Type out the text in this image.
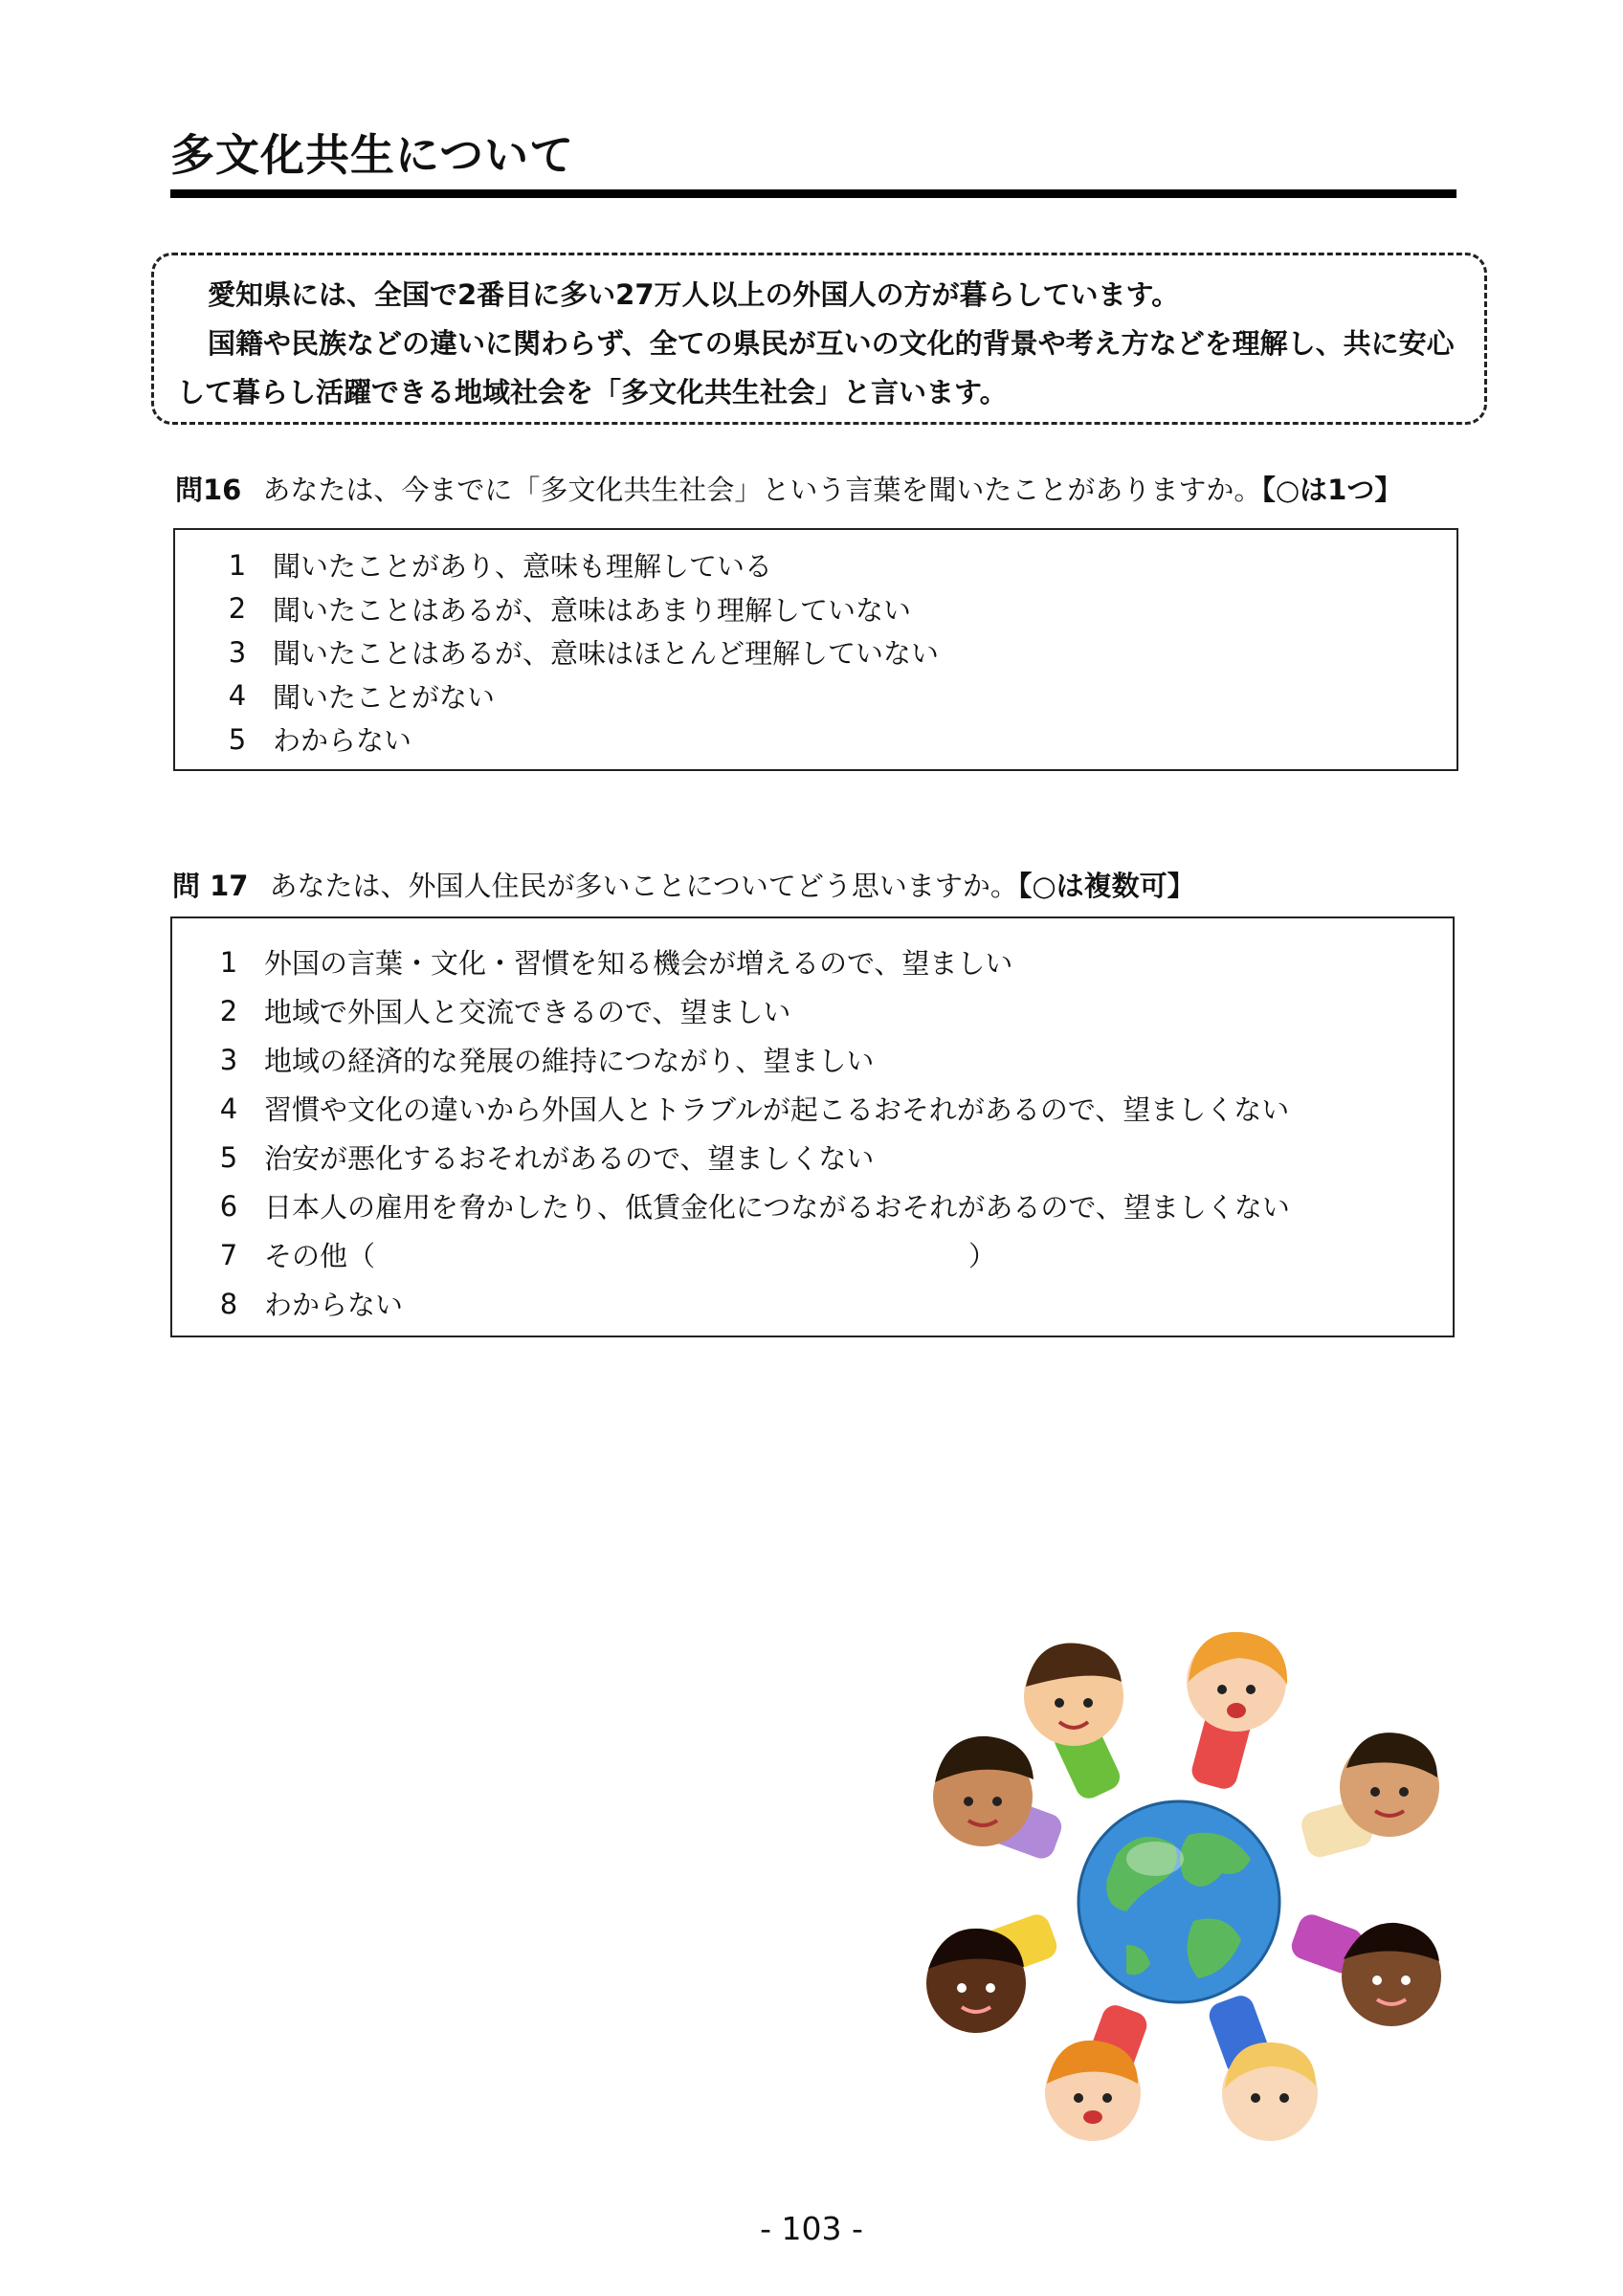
多文化共生について

愛知県には、全国で2番目に多い27万人以上の外国人の方が暮らしています。

国籍や民族などの違いに関わらず、全ての県民が互いの文化的背景や考え方などを理解し、共に安心して暮らし活躍できる地域社会を「多文化共生社会」と言います。

問16 あなたは、今までに「多文化共生社会」という言葉を聞いたことがありますか。【○は1つ】
1 聞いたことがあり、意味も理解している
2 聞いたことはあるが、意味はあまり理解していない
3 聞いたことはあるが、意味はほとんど理解していない
4 聞いたことがない
5 わからない
問 17 あなたは、外国人住民が多いことについてどう思いますか。【○は複数可】
1 外国の言葉・文化・習慣を知る機会が増えるので、望ましい
2 地域で外国人と交流できるので、望ましい
3 地域の経済的な発展の維持につながり、望ましい
4 習慣や文化の違いから外国人とトラブルが起こるおそれがあるので、望ましくない
5 治安が悪化するおそれがあるので、望ましくない
6 日本人の雇用を脅かしたり、低賃金化につながるおそれがあるので、望ましくない
7 その他（	）
8 わからない
- 103 -
